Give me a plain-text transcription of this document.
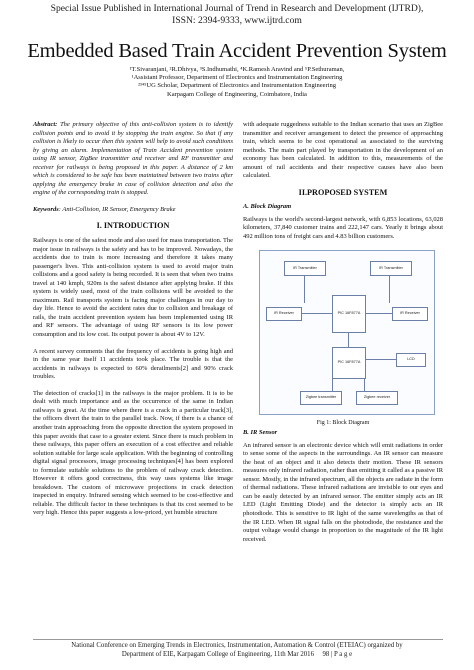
Special Issue Published in International Journal of Trend in Research and Development (IJTRD),
ISSN: 2394-9333, www.ijtrd.com
Embedded Based Train Accident Prevention System
¹T.Sivaranjani, ²R.Dhivya, ³S.Indhumathi, ⁴K.Ramesh Aravind and ⁵P.Sethuraman,
¹Assistant Professor, Department of Electronics and Instrumentation Engineering
²³⁴⁵UG Scholar, Department of Electronics and Instrumentation Engineering
Karpagam College of Engineering, Coimbatore, India

Abstract: The primary objective of this anti-collision system is to identify collision points and to avoid it by stopping the train engine. So that if any collision is likely to occur then this system will help to avoid such conditions by giving an alarm. Implementation of Train Accident prevention system using IR sensor, ZigBee transmitter and receiver and RF transmitter and receiver for railways is being proposed in this paper. A distance of 2 km which is considered to be safe has been maintained between two trains after applying the emergency brake in case of collision detection and also the engine of the corresponding train is stopped.

Keywords: Anti-Collision, IR Sensor, Emergency Brake

I. INTRODUCTION

Railways is one of the safest mode and also used for mass transportation. The major issue in railways is the safety and has to be improved. Nowadays, the accidents due to train is more increasing and therefore it takes many passenger's lives. This anti-collision system is used to avoid major train collisions and a good safety is being recorded. It is seen that when two trains travel at 140 kmph, 920m is the safest distance after applying brake. If this system is widely used, most of the train collisions will be avoided to the maximum. Rail transports system is facing major challenges in our day to day life. Hence to avoid the accident rates due to collision and breakage of rails, the train accident prevention system has been implemented using IR and RF sensors. The advantage of using RF sensors is its low power consumption and its low cost. Its output power is about 4V to 12V.

A recent survey comments that the frequency of accidents is going high and in the same year itself 11 accidents took place. The trouble is that the accidents in railways is expected to 60% derailments[2] and 90% crack troubles.

The detection of cracks[1] in the railways is the major problem. It is to be dealt with much importance and as the occurrence of the same in Indian railways is great. At the time where there is a crack in a particular track[3], the officers divert the train to the parallel track. Now, if there is a chance of another train approaching from the opposite direction the system proposed in this paper avoids that case to a greater extent. Since there is much problem in these railways, this paper offers an execution of a cost effective and reliable solution suitable for large scale application. With the beginning of controlling digital signal processors, image processing techniques[4] has been explored to formulate suitable solutions to the problem of railway crack detection. However it offers good correctness, this way uses systems like image breakdown. The custom of microwave projections in crack detection inspected in enquiry. Infrared sensing which seemed to be cost-effective and reliable. The difficult factor in these techniques is that its cost seemed to be very high. Hence this paper suggests a low-priced, yet humble structure

with adequate ruggedness suitable to the Indian scenario that uses an ZigBee transmitter and receiver arrangement to detect the presence of approaching train, which seems to be cost operational as associated to the surviving methods. The main part played by transportation in the development of an economy has been calculated. In addition to this, measurements of the amount of rail accidents and their respective causes have also been calculated.

II.PROPOSED SYSTEM
A. Block Diagram

Railways is the world's second-largest network, with 6,853 locations, 63,028 kilometers, 37,840 customer trains and 222,147 cars. Yearly it brings about 492 million tons of freight cars and 4.83 billion customers.

IR Transmitter	IR Transmitter
IR Receiver	IR Receiver
PIC 16F877A
PIC 16F877A
LCD
Zigbee transmitter	Zigbee receiver
Fig 1: Block Diagram
B. IR Sensor

An infrared sensor is an electronic device which will emit radiations in order to sense some of the aspects in the surroundings. An IR sensor can measure the heat of an object and it also detects their motion. These IR sensors measures only infrared radiation, rather than emitting it called as a passive IR sensor. Mostly, in the infrared spectrum, all the objects are radiate in the form of thermal radiations. These infrared radiations are invisible to our eyes and can be easily detected by an infrared sensor. The emitter simply acts an IR LED (Light Emitting Diode) and the detector is simply acts an IR photodiode. This is sensitive to IR light of the same wavelengths as that of the IR LED. When IR signal falls on the photodiode, the resistance and the output voltage would change in proportion to the magnitude of the IR light received.

National Conference on Emerging Trends in Electronics, Instrumentation, Automation & Control (ETEIAC) organized by
Department of EIE, Karpagam College of Engineering, 11th Mar 2016 98 | P a g e
